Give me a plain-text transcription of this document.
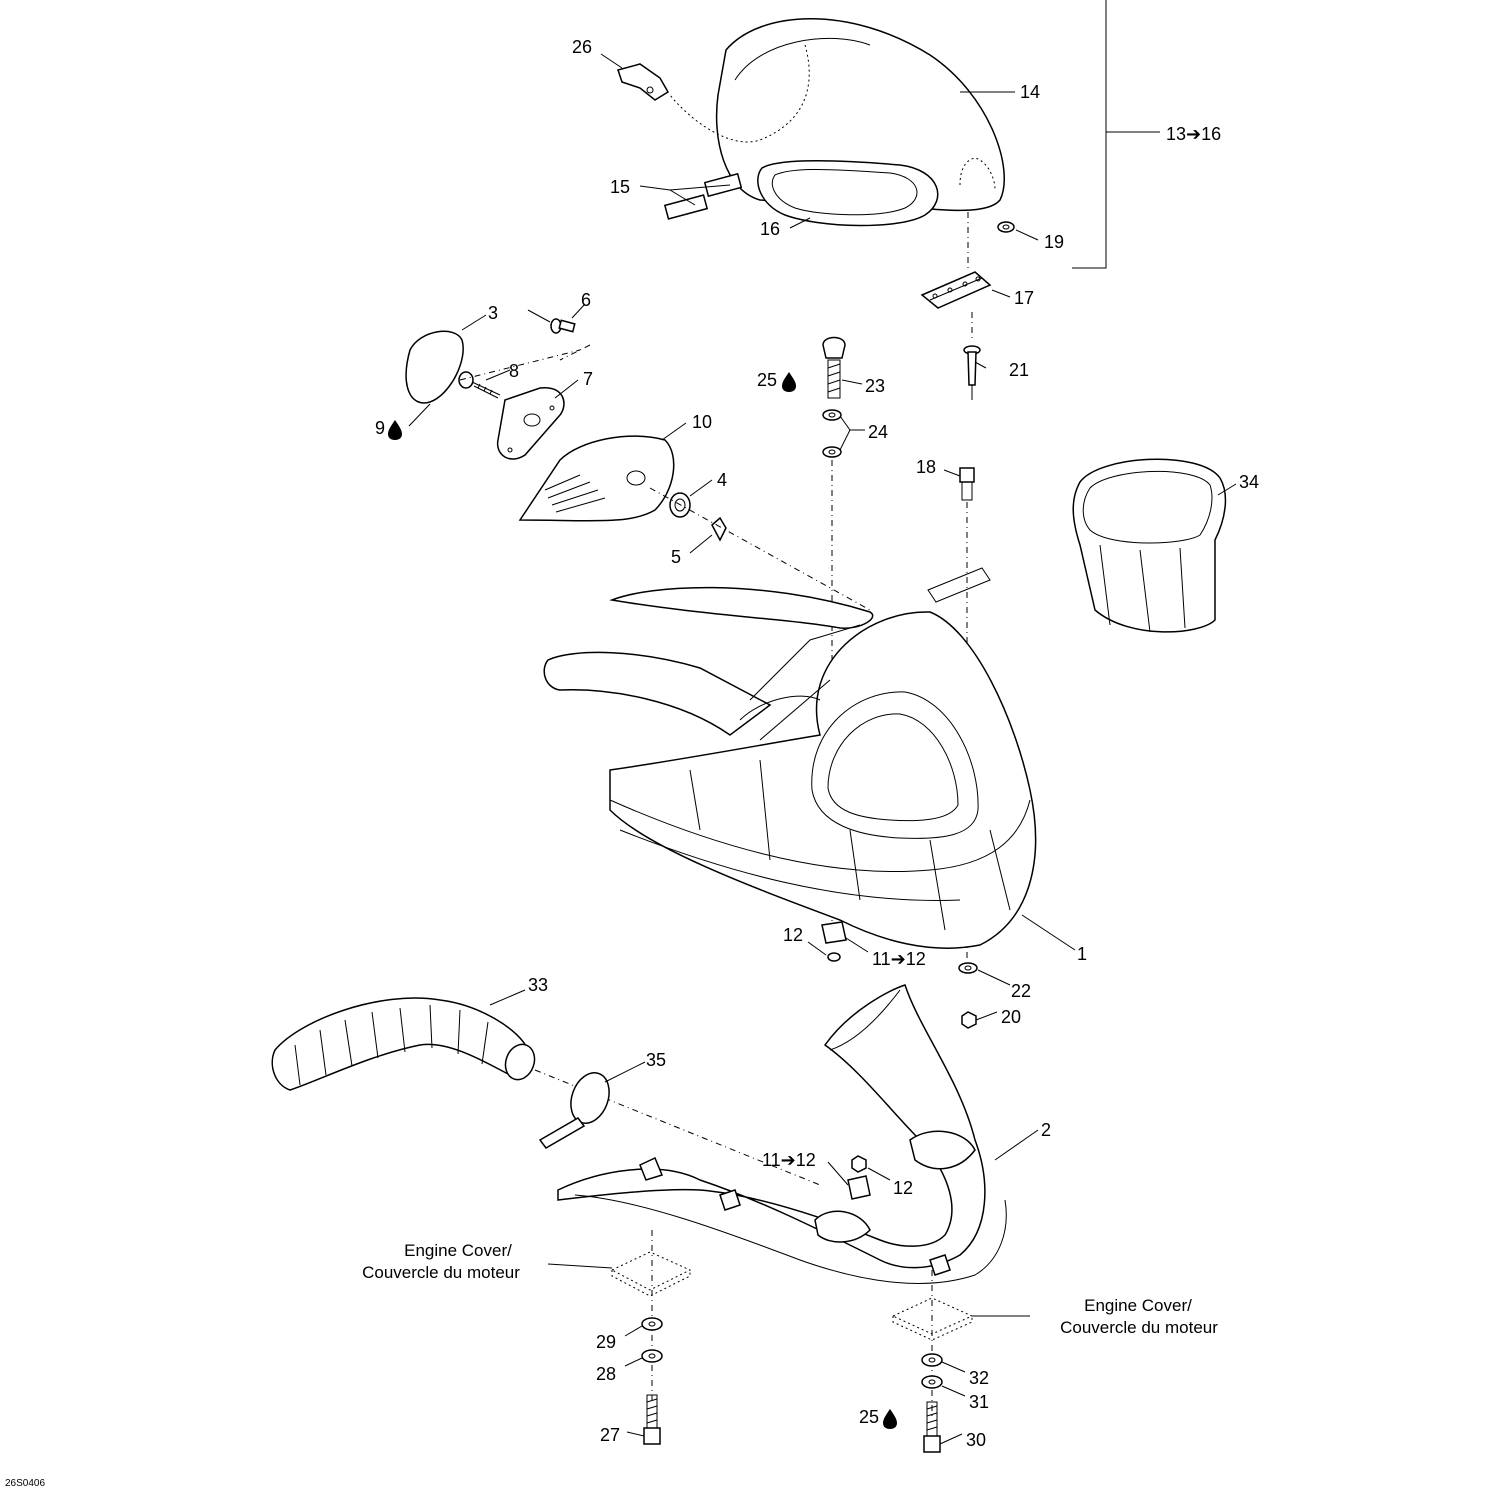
26
14
13➔16
15
16
19
17
6
3
21
8	7	25	23
10
9	24
18
4	34
5
12
1
11➔12
33	22
20
35
2
11➔12
12
29
28
27
32
31
25
30
Engine Cover/
Couvercle du moteur
Engine Cover/
Couvercle du moteur
26S0406
